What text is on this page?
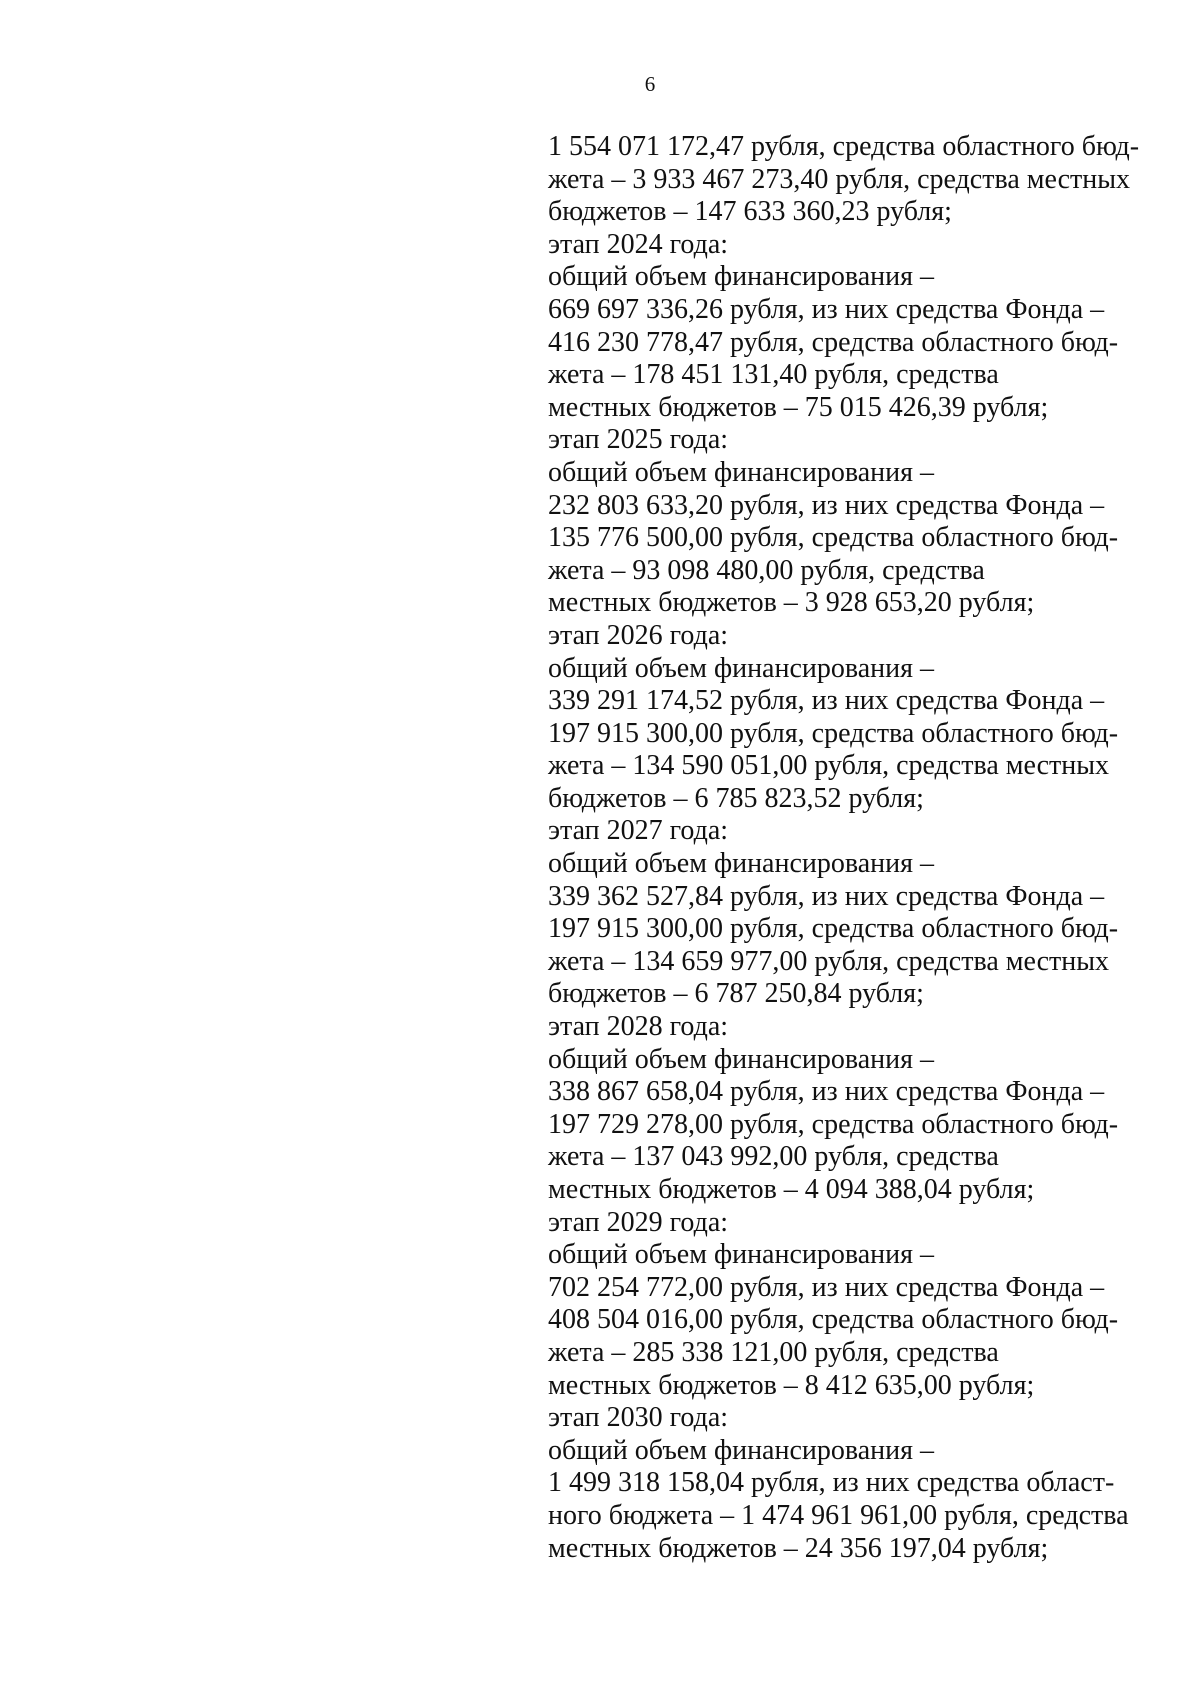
6
1 554 071 172,47 рубля, средства областного бюд-
жета – 3 933 467 273,40 рубля, средства местных
бюджетов – 147 633 360,23 рубля;
этап 2024 года:
общий объем финансирования –
669 697 336,26 рубля, из них средства Фонда –
416 230 778,47 рубля, средства областного бюд-
жета – 178 451 131,40 рубля, средства
местных бюджетов – 75 015 426,39 рубля;
этап 2025 года:
общий объем финансирования –
232 803 633,20 рубля, из них средства Фонда –
135 776 500,00 рубля, средства областного бюд-
жета – 93 098 480,00 рубля, средства
местных бюджетов – 3 928 653,20 рубля;
этап 2026 года:
общий объем финансирования –
339 291 174,52 рубля, из них средства Фонда –
197 915 300,00 рубля, средства областного бюд-
жета – 134 590 051,00 рубля, средства местных
бюджетов – 6 785 823,52 рубля;
этап 2027 года:
общий объем финансирования –
339 362 527,84 рубля, из них средства Фонда –
197 915 300,00 рубля, средства областного бюд-
жета – 134 659 977,00 рубля, средства местных
бюджетов – 6 787 250,84 рубля;
этап 2028 года:
общий объем финансирования –
338 867 658,04 рубля, из них средства Фонда –
197 729 278,00 рубля, средства областного бюд-
жета – 137 043 992,00 рубля, средства
местных бюджетов – 4 094 388,04 рубля;
этап 2029 года:
общий объем финансирования –
702 254 772,00 рубля, из них средства Фонда –
408 504 016,00 рубля, средства областного бюд-
жета – 285 338 121,00 рубля, средства
местных бюджетов – 8 412 635,00 рубля;
этап 2030 года:
общий объем финансирования –
1 499 318 158,04 рубля, из них средства област-
ного бюджета – 1 474 961 961,00 рубля, средства
местных бюджетов – 24 356 197,04 рубля;
